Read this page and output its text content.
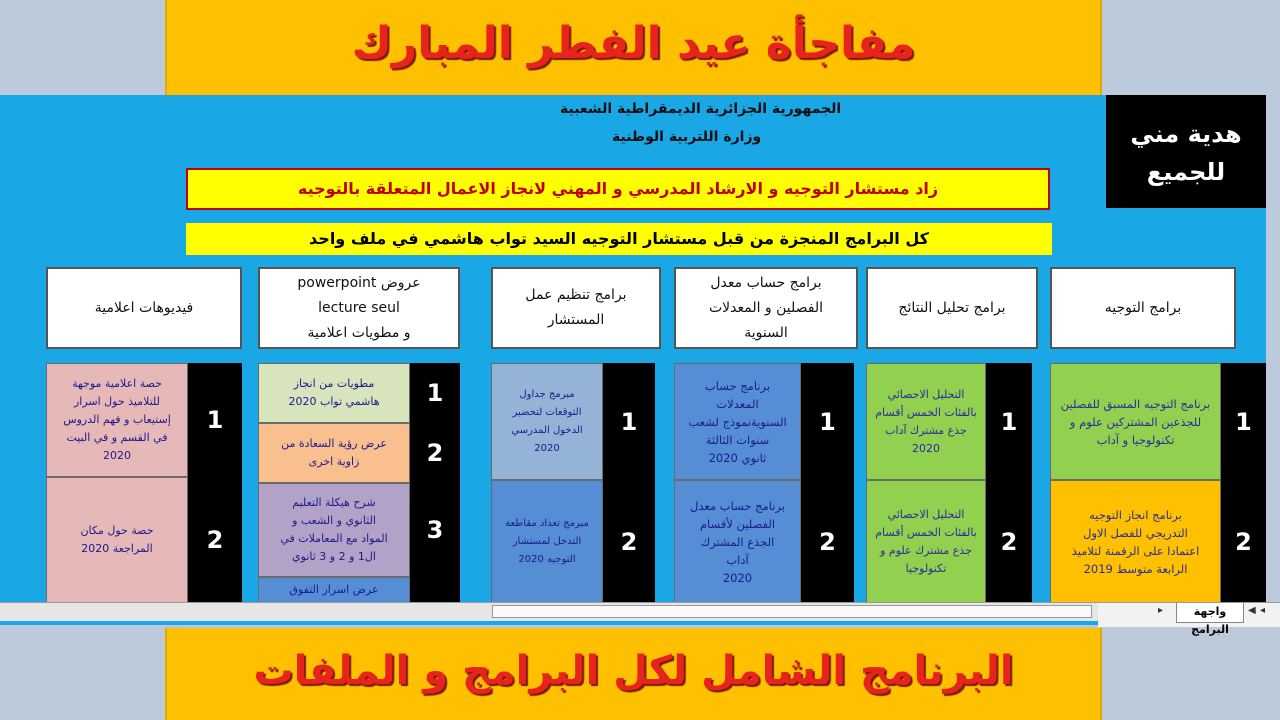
مفاجأة عيد الفطر المبارك
الجمهورية الجزائرية الديمقراطية الشعبية
وزارة اللتربية الوطنية	هدية مني
للجميع
زاد مستشار التوجيه و الارشاد المدرسي و المهني لانجاز الاعمال المتعلقة بالتوجيه
كل البرامج المنجزة من قبل مستشار التوجيه السيد تواب هاشمي في ملف واحد
برامج التوجيه
برامج تحليل النتائج
برامج حساب معدل
الفصلين و المعدلات
السنوية
برامج تنظيم عمل
المستشار
عروض powerpoint
lecture seul
و مطويات اعلامية
فيديوهات اعلامية
1
2
برنامج التوجيه المسبق للفصلين
للجذعين المشتركين علوم و
تكنولوجيا و آداب
برنامج انجاز التوجيه
التدريجي للفصل الاول
اعتمادا على الرقمنة لتلاميذ
الرابعة متوسط 2019
1
2
التحليل الاحصائي
بالفئات الخمس أقسام
جذع مشترك آداب
2020
التحليل الاحصائي
بالفئات الخمس أقسام
جذع مشترك علوم و
تكنولوجيا
1
2
برنامج حساب
المعدلات
السنويةنموذج لشعب
سنوات الثالثة
ثانوي 2020
برنامج حساب معدل
الفصلين لأقسام
الجذع المشترك
آداب
2020
1
2
مبرمج جداول
التوقعات لتحضير
الدخول المدرسي
2020
مبرمج تعداد مقاطعة
التدخل لمستشار
التوجيه 2020
1
2
3
مطويات من انجاز
هاشمي تواب 2020
عرض رؤية السعادة من
زاوية اخرى
شرح هيكلة التعليم
الثانوي و الشعب و
المواد مع المعاملات في
ال1 و 2 و 3 ثانوي
عرض اسرار التفوق
1
2
حصة اعلامية موجهة
للتلاميذ حول اسرار
إستيعاب و فهم الدروس
في القسم و في البيت
2020
حصة حول مكان
المراجعة 2020
واجهة البرامج
◀ ◂
▸
البرنامج الشامل لكل البرامج و الملفات
